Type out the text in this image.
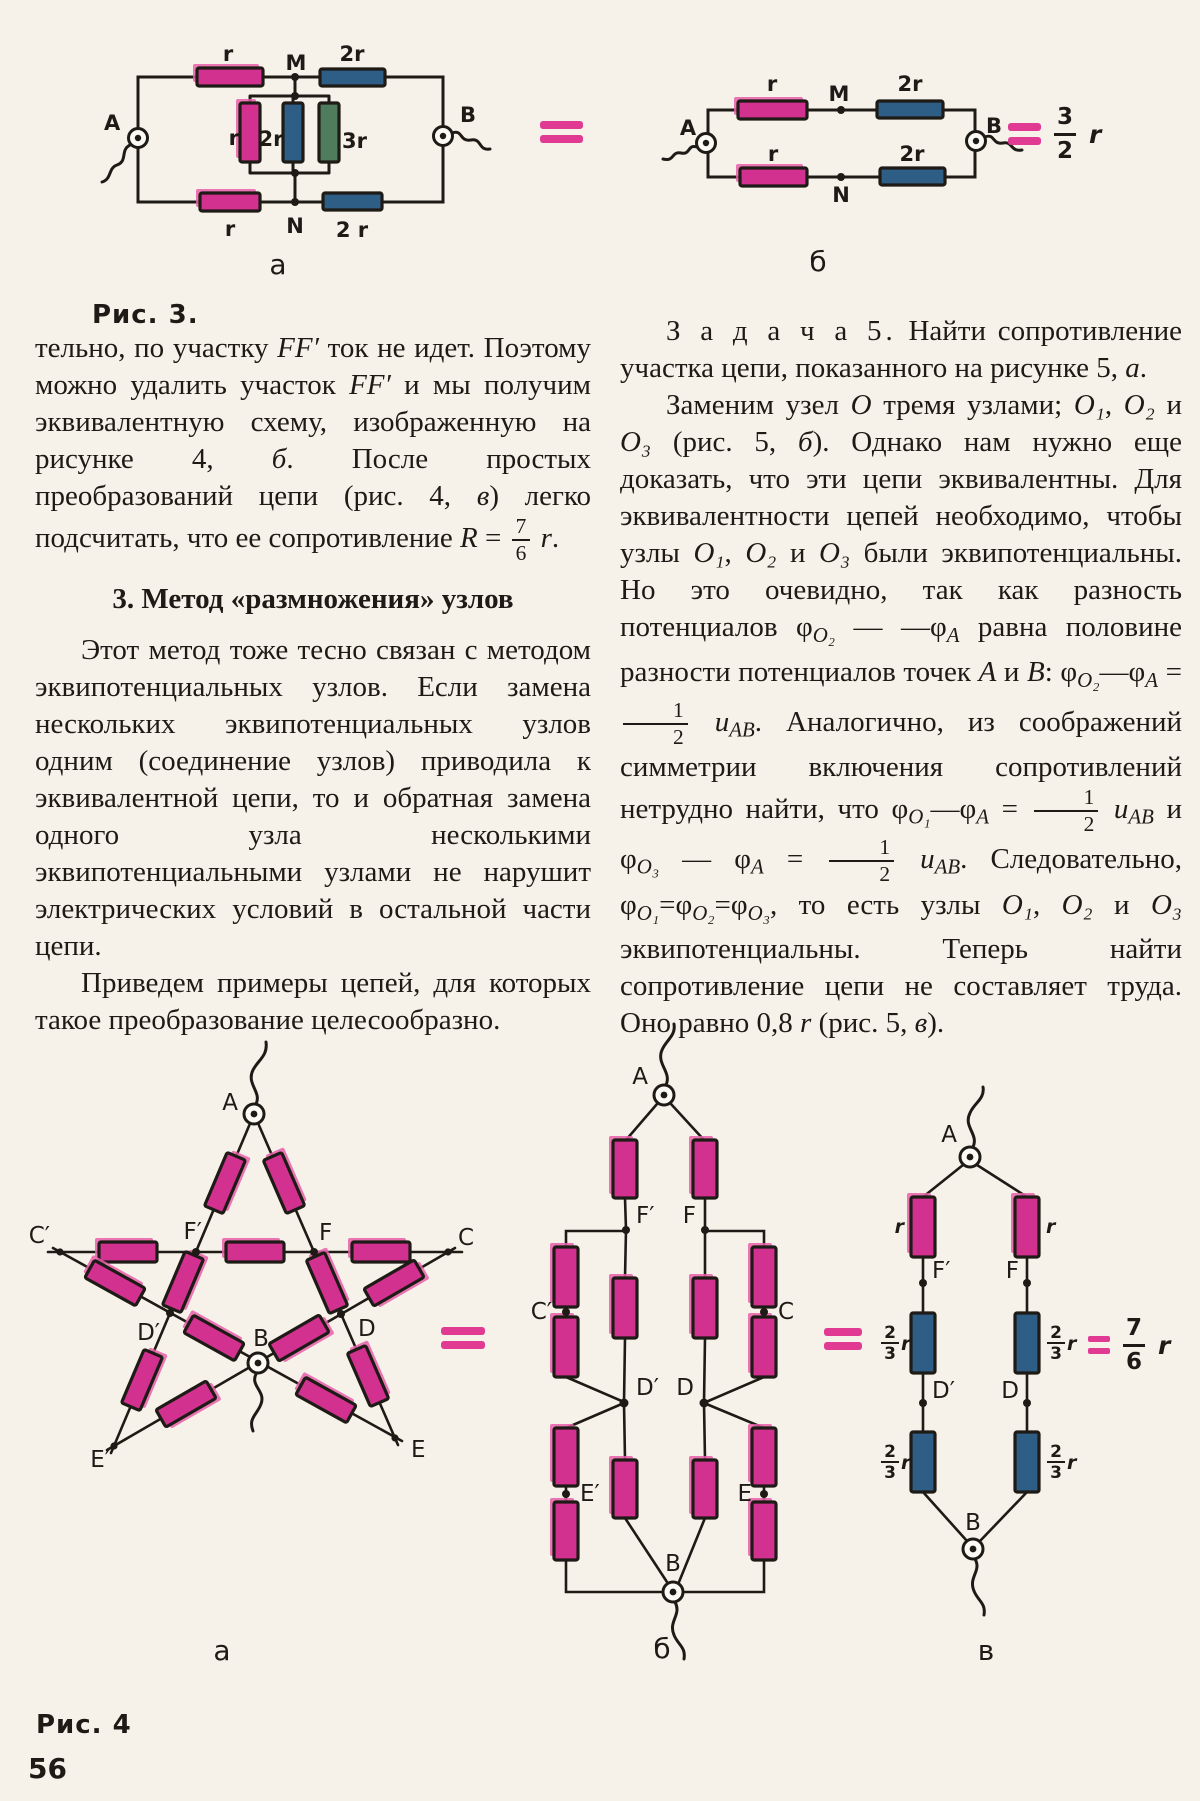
A	B
M
N
r	2r
r 2r	3r
r	2 r
A	B
M
N
r	2r
r	2r	$\frac{3}{2}$ r
а	б
Рис. 3.

тельно, по участку FF′ ток не идет. Поэтому можно удалить участок FF′ и мы получим эквивалентную схему, изображенную на рисунке 4, б. После простых преобразований цепи (рис. 4, в) легко подсчитать, что ее сопротивление $R = \frac{7}{6} r$.

3. Метод «размножения» узлов

Этот метод тоже тесно связан с методом эквипотенциальных узлов. Если замена нескольких эквипотенциальных узлов одним (соединение узлов) приводила к эквивалентной цепи, то и обратная замена одного узла несколькими эквипотенциальными узлами не нарушит электрических условий в остальной части цепи.

Приведем примеры цепей, для которых такое преобразование целесообразно.

З а д а ч а 5. Найти сопротивление участка цепи, показанного на рисунке 5, а.

Заменим узел O тремя узлами; O₁, O₂ и O₃ (рис. 5, б). Однако нам нужно еще доказать, что эти цепи эквивалентны. Для эквивалентности цепей необходимо, чтобы узлы O₁, O₂ и O₃ были эквипотенциальны. Но это очевидно, так как разность потенциалов $\varphi_{O_2}$ — $—\varphi_A$ равна половине разности потенциалов точек A и B: $\varphi_{O_2}—\varphi_A$ =
$\frac{1}{2} u_{AB}$. Аналогично, из соображений симметрии включения сопротивлений нетрудно найти, что $\varphi_{O_1}—\varphi_A = \frac{1}{2} u_{AB}$ и $\varphi_{O_3}$ — $\varphi_A = \frac{1}{2} u_{AB}$. Следовательно, $\varphi_{O_1}=\varphi_{O_2}=\varphi_{O_3}$, то есть узлы O₁, O₂ и O₃ эквипотенциальны. Теперь найти сопротивление цепи не составляет труда. Оно равно 0,8 r (рис. 5, в).

A
B
C′	C
F′	F
D′	D
E′	E
A
B
F′ F
C′	C
D′ D
E′	E
A
B
r	r
F′ F
D′ D
2
3 r
2
3 r
2
3 r
2
3 r
$\frac{7}{6}$ r
а	б	в
Рис. 4
56
